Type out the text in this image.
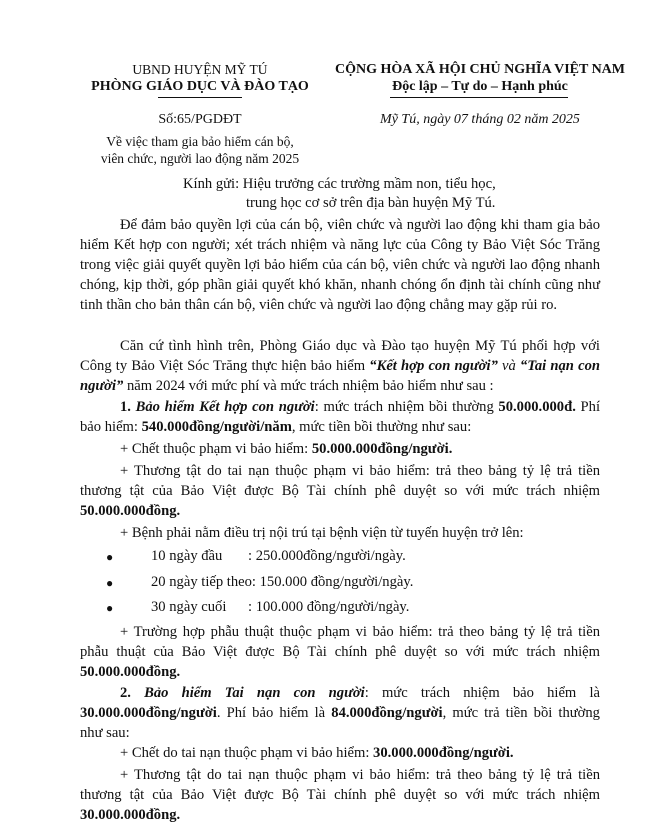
UBND HUYỆN MỸ TÚ
PHÒNG GIÁO DỤC VÀ ĐÀO TẠO
CỘNG HÒA XÃ HỘI CHỦ NGHĨA VIỆT NAM
Độc lập – Tự do – Hạnh phúc
Số:65/PGDĐT
Về việc tham gia bảo hiểm cán bộ,
viên chức, người lao động năm 2025
Mỹ Tú, ngày 07 tháng 02 năm 2025
Kính gửi: Hiệu trưởng các trường mầm non, tiểu học,
trung học cơ sở trên địa bàn huyện Mỹ Tú.
Để đảm bảo quyền lợi của cán bộ, viên chức và người lao động khi tham gia bảo hiểm Kết hợp con người; xét trách nhiệm và năng lực của Công ty Bảo Việt Sóc Trăng trong việc giải quyết quyền lợi bảo hiểm của cán bộ, viên chức và người lao động nhanh chóng, kịp thời, góp phần giải quyết khó khăn, nhanh chóng ổn định tài chính cũng như tinh thần cho bản thân cán bộ, viên chức và người lao động chẳng may gặp rủi ro.
Căn cứ tình hình trên, Phòng Giáo dục và Đào tạo huyện Mỹ Tú phối hợp với Công ty Bảo Việt Sóc Trăng thực hiện bảo hiểm “Kết hợp con người” và “Tai nạn con người” năm 2024 với mức phí và mức trách nhiệm bảo hiểm như sau :
1. Bảo hiểm Kết hợp con người: mức trách nhiệm bồi thường 50.000.000đ. Phí bảo hiểm: 540.000đồng/người/năm, mức tiền bồi thường như sau:
+ Chết thuộc phạm vi bảo hiểm: 50.000.000đồng/người.
+ Thương tật do tai nạn thuộc phạm vi bảo hiểm: trả theo bảng tỷ lệ trả tiền
thương tật của Bảo Việt được Bộ Tài chính phê duyệt so với mức trách nhiệm
50.000.000đồng.
+ Bệnh phải nằm điều trị nội trú tại bệnh viện từ tuyến huyện trở lên:
●	10 ngày đầu : 250.000đồng/người/ngày.
●	20 ngày tiếp theo: 150.000 đồng/người/ngày.
●	30 ngày cuối : 100.000 đồng/người/ngày.
+ Trường hợp phẫu thuật thuộc phạm vi bảo hiểm: trả theo bảng tỷ lệ trả tiền
phẫu thuật của Bảo Việt được Bộ Tài chính phê duyệt so với mức trách nhiệm
50.000.000đồng.
2. Bảo hiểm Tai nạn con người: mức trách nhiệm bảo hiểm là
30.000.000đồng/người. Phí bảo hiểm là 84.000đồng/người, mức trả tiền bồi thường
như sau:
+ Chết do tai nạn thuộc phạm vi bảo hiểm: 30.000.000đồng/người.
+ Thương tật do tai nạn thuộc phạm vi bảo hiểm: trả theo bảng tỷ lệ trả tiền
thương tật của Bảo Việt được Bộ Tài chính phê duyệt so với mức trách nhiệm
30.000.000đồng.
